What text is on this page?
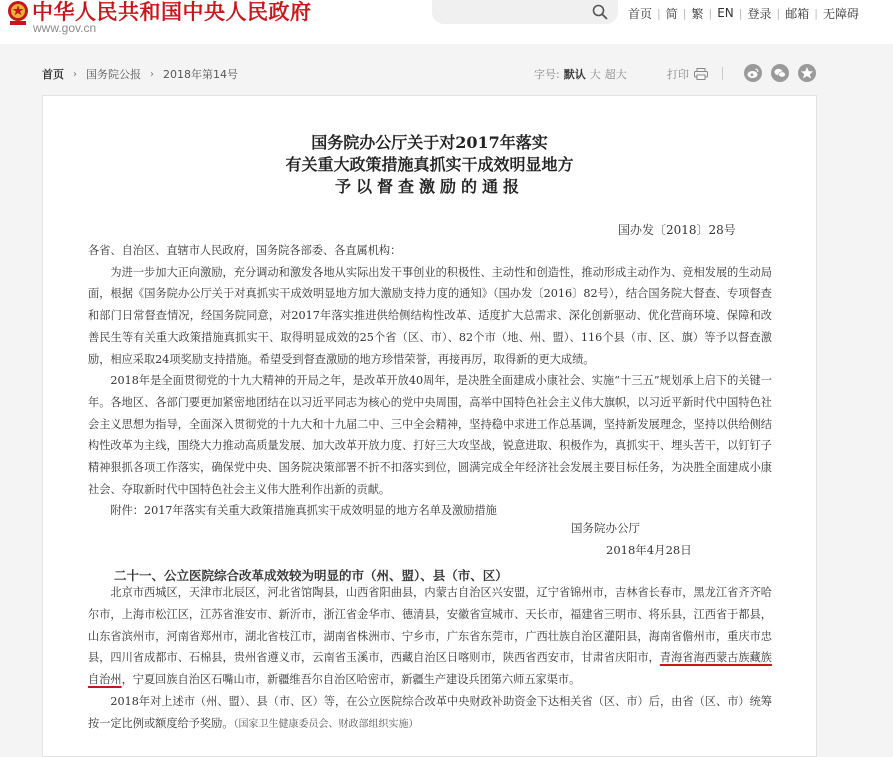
中华人民共和国中央人民政府
www.gov.cn
首页 | 简 | 繁 | EN | 登录 | 邮箱 | 无障碍
首页 › 国务院公报 › 2018年第14号	字号: 默认 大 超大	打印
国务院办公厅关于对2017年落实
有关重大政策措施真抓实干成效明显地方
予以督查激励的通报
国办发〔2018〕28号

各省、自治区、直辖市人民政府，国务院各部委、各直属机构：

为进一步加大正向激励，充分调动和激发各地从实际出发干事创业的积极性、主动性和创造性，推动形成主动作为、竞相发展的生动局面，根据《国务院办公厅关于对真抓实干成效明显地方加大激励支持力度的通知》（国办发〔2016〕82号），结合国务院大督查、专项督查和部门日常督查情况，经国务院同意，对2017年落实推进供给侧结构性改革、适度扩大总需求、深化创新驱动、优化营商环境、保障和改善民生等有关重大政策措施真抓实干、取得明显成效的25个省（区、市）、82个市（地、州、盟）、116个县（市、区、旗）等予以督查激励，相应采取24项奖励支持措施。希望受到督查激励的地方珍惜荣誉，再接再厉，取得新的更大成绩。

2018年是全面贯彻党的十九大精神的开局之年，是改革开放40周年，是决胜全面建成小康社会、实施“十三五”规划承上启下的关键一年。各地区、各部门要更加紧密地团结在以习近平同志为核心的党中央周围，高举中国特色社会主义伟大旗帜，以习近平新时代中国特色社会主义思想为指导，全面深入贯彻党的十九大和十九届二中、三中全会精神，坚持稳中求进工作总基调，坚持新发展理念，坚持以供给侧结构性改革为主线，围绕大力推动高质量发展、加大改革开放力度、打好三大攻坚战，锐意进取、积极作为，真抓实干、埋头苦干，以钉钉子精神狠抓各项工作落实，确保党中央、国务院决策部署不折不扣落实到位，圆满完成全年经济社会发展主要目标任务，为决胜全面建成小康社会、夺取新时代中国特色社会主义伟大胜利作出新的贡献。

附件：2017年落实有关重大政策措施真抓实干成效明显的地方名单及激励措施

国务院办公厅
2018年4月28日
二十一、公立医院综合改革成效较为明显的市（州、盟）、县（市、区）

北京市西城区，天津市北辰区，河北省馆陶县，山西省阳曲县，内蒙古自治区兴安盟，辽宁省锦州市，吉林省长春市，黑龙江省齐齐哈尔市，上海市松江区，江苏省淮安市、新沂市，浙江省金华市、德清县，安徽省宣城市、天长市，福建省三明市、将乐县，江西省于都县，山东省滨州市，河南省郑州市，湖北省枝江市，湖南省株洲市、宁乡市，广东省东莞市，广西壮族自治区灌阳县，海南省儋州市，重庆市忠县，四川省成都市、石棉县，贵州省遵义市，云南省玉溪市，西藏自治区日喀则市，陕西省西安市，甘肃省庆阳市，青海省海西蒙古族藏族自治州，宁夏回族自治区石嘴山市，新疆维吾尔自治区哈密市，新疆生产建设兵团第六师五家渠市。

2018年对上述市（州、盟）、县（市、区）等，在公立医院综合改革中央财政补助资金下达相关省（区、市）后，由省（区、市）统筹按一定比例或额度给予奖励。（国家卫生健康委员会、财政部组织实施）
